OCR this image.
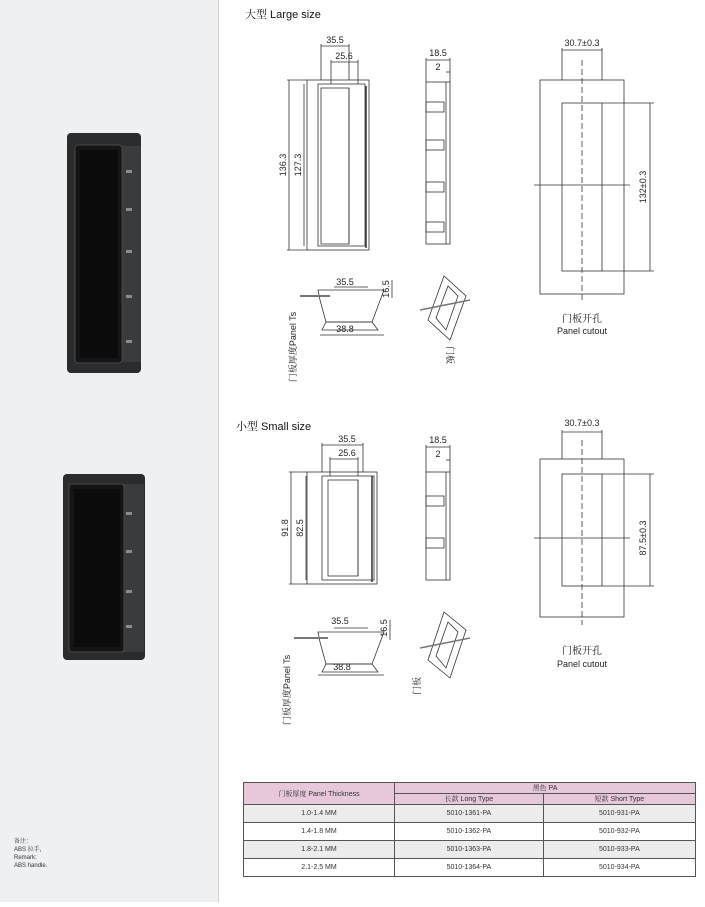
备注：
ABS 拉手，
Remark:
ABS handle.
大型 Large size
小型 Small size
35.5
25.6
136.3 127.3
18.5
2
30.7±0.3
132±0.3
35.5	16.5
38.8
门板厚度Panel Ts	门板
门板开孔
Panel cutout
35.5
25.6
91.8 82.5
18.5
2
30.7±0.3
87.5±0.3
35.5	16.5
38.8
门板厚度Panel Ts	门板
门板开孔
Panel cutout
门板厚度 Panel Thickness	黑色 PA	
	长款 Long Type	短款 Short Type
1.0-1.4 MM	5010-1361-PA	5010-931-PA
1.4-1.8 MM	5010-1362-PA	5010-932-PA
1.8-2.1 MM	5010-1363-PA	5010-933-PA
2.1-2.5 MM	5010-1364-PA	5010-934-PA
